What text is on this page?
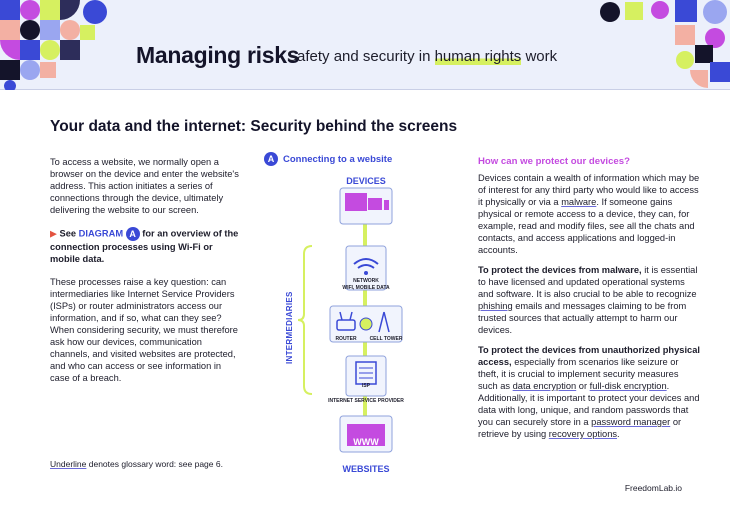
Managing risks
Safety and security in human rights work
Your data and the internet: Security behind the screens

To access a website, we normally open a browser on the device and enter the website's address. This action initiates a series of connections through the device, ultimately delivering the website to our screen.

▶ See DIAGRAM A for an overview of the connection processes using Wi-Fi or mobile data.

These processes raise a key question: can intermediaries like Internet Service Providers (ISPs) or router administrators access our information, and if so, what can they see? When considering security, we must therefore ask how our devices, communication channels, and visited websites are protected, and who can access or see information in case of a breach.

Underline denotes glossary word: see page 6.
A Connecting to a website
DEVICES
NETWORK
WIFI, MOBILE DATA
ROUTER	CELL TOWER
ISP
INTERNET SERVICE PROVIDER
WWW
WEBSITES
INTERMEDIARIES
How can we protect our devices?

Devices contain a wealth of information which may be of interest for any third party who would like to access it physically or via a malware. If someone gains physical or remote access to a device, they can, for example, read and modify files, see all the chats and contacts, and access applications and logged-in accounts.

To protect the devices from malware, it is essential to have licensed and updated operational systems and software. It is also crucial to be able to recognize phishing emails and messages claiming to be from trusted sources that actually attempt to harm our devices.

To protect the devices from unauthorized physical access, especially from scenarios like seizure or theft, it is crucial to implement security measures such as data encryption or full-disk encryption. Additionally, it is important to protect your devices and data with long, unique, and random passwords that you can securely store in a password manager or retrieve by using recovery options.

FreedomLab.io
